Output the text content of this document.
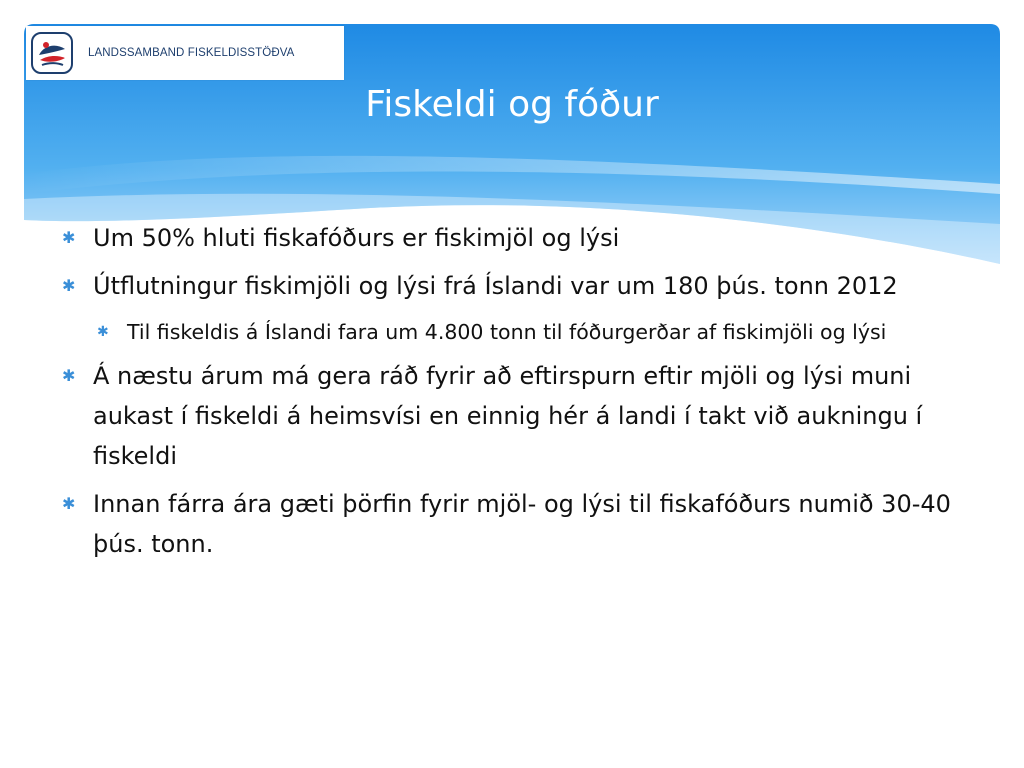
LANDSSAMBAND FISKELDISSTÖÐVA
Fiskeldi og fóður
✱ Um 50% hluti fiskafóðurs er fiskimjöl og lýsi
✱ Útflutningur fiskimjöli og lýsi frá Íslandi var um 180 þús. tonn 2012
✱ Til fiskeldis á Íslandi fara um 4.800 tonn til fóðurgerðar af fiskimjöli og lýsi
✱ Á næstu árum má gera ráð fyrir að eftirspurn eftir mjöli og lýsi muni aukast í fiskeldi á heimsvísi en einnig hér á landi í takt við aukningu í fiskeldi
✱ Innan fárra ára gæti þörfin fyrir mjöl- og lýsi til fiskafóðurs numið 30-40 þús. tonn.
